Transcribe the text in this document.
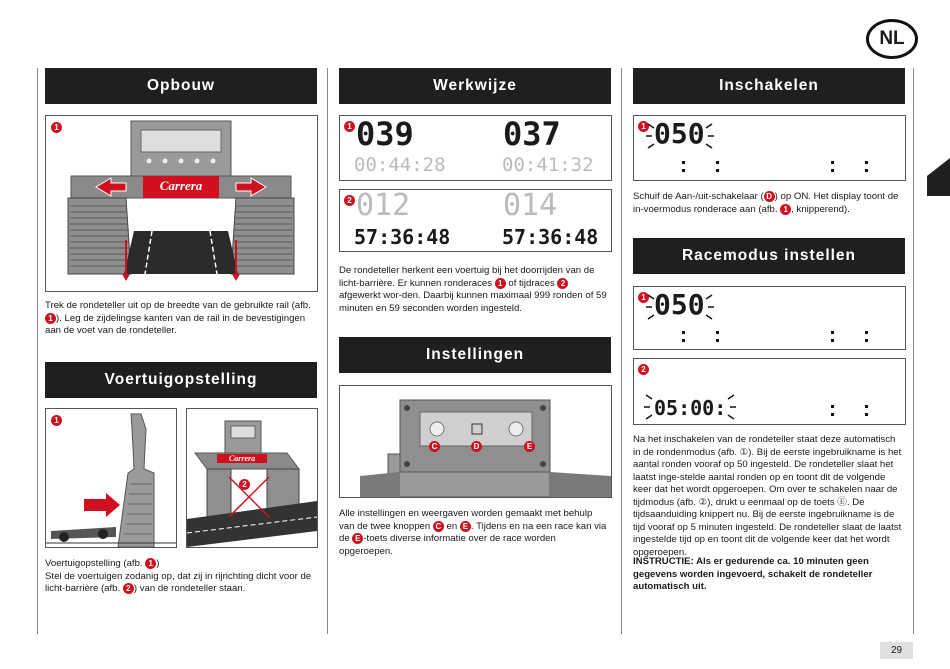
NL
Opbouw
1
Carrera
Trek de rondeteller uit op de breedte van de gebruikte rail (afb. 1 ). Leg de zijdelingse kanten van de rail in de bevestigingen aan de voet van de rondeteller.
Voertuigopstelling
1
Carrera
2
Voertuigopstelling (afb. 1 )
Stel de voertuigen zodanig op, dat zij in rijrichting dicht voor de licht-barrière (afb. 2 ) van de rondeteller staan.
Werkwijze
1 039	037
00:44:28	00:41:32
2 012	014
57:36:48	57:36:48
De rondeteller herkent een voertuig bij het doorrijden van de licht-barrière. Er kunnen ronderaces 1 of tijdraces 2 afgewerkt wor-den. Daarbij kunnen maximaal 999 ronden of 59 minuten en 59 seconden worden ingesteld.
Instellingen
C	D	E
Alle instellingen en weergaven worden gemaakt met behulp van de twee knoppen C en E . Tijdens en na een race kan via de E -toets diverse informatie over de race worden opgeroepen.
Inschakelen
1 050
Schuif de Aan-/uit-schakelaar ( D ) op ON. Het display toont de in-voermodus ronderace aan (afb. 1 , knipperend).
Racemodus instellen
1 050
2
05:00:
Na het inschakelen van de rondeteller staat deze automatisch in de rondenmodus (afb. ①). Bij de eerste ingebruikname is het aantal ronden vooraf op 50 ingesteld. De rondeteller slaat het laatst inge-stelde aantal ronden op en toont dit de volgende keer dat het wordt opgeroepen. Om over te schakelen naar de tijdmodus (afb. ②), drukt u eenmaal op de toets Ⓔ. De tijdsaanduiding knippert nu. Bij de eerste ingebruikname is de tijd vooraf op 5 minuten ingesteld. De rondeteller slaat de laatst ingestelde tijd op en toont dit de volgende keer dat het wordt opgeroepen.
INSTRUCTIE: Als er gedurende ca. 10 minuten geen gegevens worden ingevoerd, schakelt de rondeteller automatisch uit.
29
